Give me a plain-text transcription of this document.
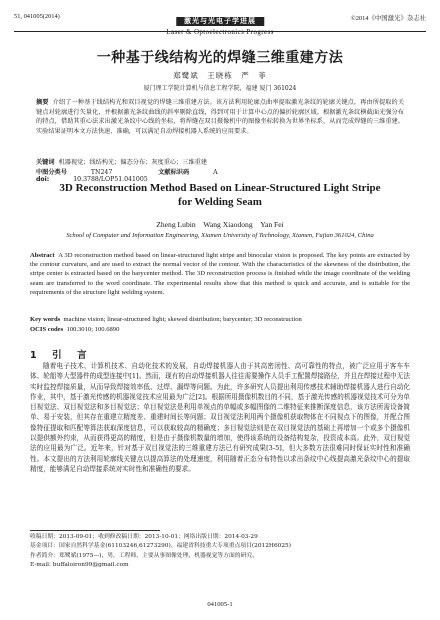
51, 041005(2014)
激光与光电子学进展
Laser & Optoelectronics Progress
©2014《中国激光》杂志社
一种基于线结构光的焊缝三维重建方法
郑鹭斌　王晓栋　严　菲
厦门理工学院计算机与信息工程学院，福建 厦门 361024
摘要 介绍了一种基于线结构光和双目视觉的焊缝三维重建方法。该方法利用轮廓点曲率提取激光条纹的轮廓关键点，再由所提取的关键点对轮廓进行矢量化，并根据激光条纹曲线的斜率剔除直线，得到可用于计算中心点的偏折轮廓区域。根据激光条纹横截面光强分布的特点，借助其重心法求出激光条纹中心线的坐标，将焊缝在双目摄像机中的图像坐标转换为世界坐标系，从而完成焊缝的三维重建。实验结果证明本文方法快速、准确，可以满足自动焊接机器人系统的应用要求。
关键词 机器视觉；线结构光；偏态分布；灰度重心；三维重建
中图分类号	TN247	文献标识码	A doi:	10.3788/LOP51.041005
3D Reconstruction Method Based on Linear-Structured Light Stripe
for Welding Seam
Zheng Lubin　Wang Xiaodong　Yan Fei
School of Computer and Information Engineering, Xiamen University of Technology, Xiamen, Fujian 361024, China
Abstract A 3D reconstruction method based on linear-structured light stripe and binocular vision is proposed. The key points are extracted by the contour curvature, and are used to extract the normal vector of the contour. With the characteristics of the skewness of the distribution, the stripe center is extracted based on the barycenter method. The 3D reconstruction process is finished while the image coordinate of the welding seam are transferred to the word coordinate. The experimental results show that this method is quick and accurate, and is suitable for the requirements of the structure light welding system.
Key words machine vision; linear-structured light; skewed distribution; barycenter; 3D reconstruction
OCIS codes 100.3010; 100.6890
1　引　言
随着电子技术、计算机技术、自动化技术的发展，自动焊接机器人由于其高密闭性、高可靠性的特点，被广泛应用于客车车体、轮船等大型器件的成型连接中[1]。然而，现有的自动焊接机器人往往需要操作人员手工配置焊接路径，并且在焊接过程中无法实时监控焊接质量，从而导致焊接效率低、过焊、漏焊等问题。为此，许多研究人员提出利用传感技术辅助焊接机器人进行自动化作业，其中，基于激光传感的机器视觉技术应用最为广泛[2]。根据所用摄像机数目的不同，基于激光传感的机器视觉技术可分为单目视觉法、双目视觉法和多目视觉法；单目视觉法是利用单视点的单幅或多幅图像的二维特征来推断深度信息，该方法所需设备简单、易于安装，但其存在重建立精度差、重建时间长等问题；双目视觉法利用两个摄像机获取物体在不同视点下的图像，并配合图像特征提取和匹配等算法获取深度信息，可以获取较高的精确度；多目视觉法则是在双目视觉法的基础上再增加一个或多个摄像机以提供额外约束，从而获得更高的精度，但是由于摄像机数量的增加，使得该系统的设备结构复杂，投资成本高。此外，双目视觉法的应用最为广泛。近年来，针对基于双目视觉法的三维重建方法已有研究成果[3-5]，但大多数方法很难同时保证实时性和准确性。本文提出的方法利用轮廓线关键点以提高算法的处理速度，利用随着正态分布特性以求出条纹中心线提高激光条纹中心的提取精度，能够满足自动焊接系统对实时性和准确性的要求。
收稿日期：2013-09-01；收到修改稿日期：2013-10-01；网络出版日期：2014-03-29
基金项目：国家自然科学基金(61103246,61273290)、福建省科技重大专项重点项目(2012H6025)
作者简介：郑鹭斌(1975—)，男，工程师，主要从事图像处理、机器视觉等方面的研究。
E-mail: buffaloiron99@gmail.com
041005-1
